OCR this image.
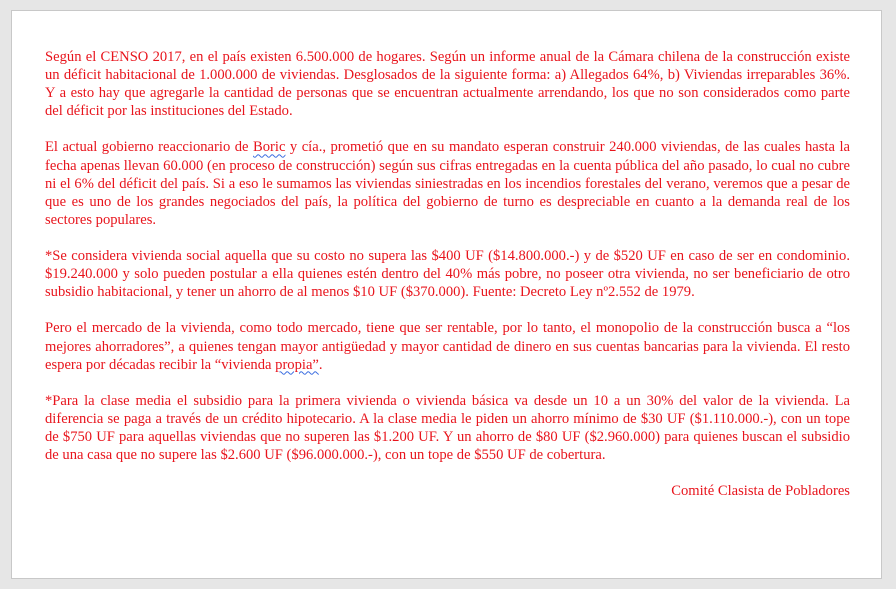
Según el CENSO 2017, en el país existen 6.500.000 de hogares. Según un informe anual de la Cámara chilena de la construcción existe un déficit habitacional de 1.000.000 de viviendas. Desglosados de la siguiente forma: a) Allegados 64%, b) Viviendas irreparables 36%. Y a esto hay que agregarle la cantidad de personas que se encuentran actualmente arrendando, los que no son considerados como parte del déficit por las instituciones del Estado.

El actual gobierno reaccionario de Boric y cía., prometió que en su mandato esperan construir 240.000 viviendas, de las cuales hasta la fecha apenas llevan 60.000 (en proceso de construcción) según sus cifras entregadas en la cuenta pública del año pasado, lo cual no cubre ni el 6% del déficit del país. Si a eso le sumamos las viviendas siniestradas en los incendios forestales del verano, veremos que a pesar de que es uno de los grandes negociados del país, la política del gobierno de turno es despreciable en cuanto a la demanda real de los sectores populares.

*Se considera vivienda social aquella que su costo no supera las $400 UF ($14.800.000.-) y de $520 UF en caso de ser en condominio. $19.240.000 y solo pueden postular a ella quienes estén dentro del 40% más pobre, no poseer otra vivienda, no ser beneficiario de otro subsidio habitacional, y tener un ahorro de al menos $10 UF ($370.000). Fuente: Decreto Ley nº2.552 de 1979.

Pero el mercado de la vivienda, como todo mercado, tiene que ser rentable, por lo tanto, el monopolio de la construcción busca a “los mejores ahorradores”, a quienes tengan mayor antigüedad y mayor cantidad de dinero en sus cuentas bancarias para la vivienda. El resto espera por décadas recibir la “vivienda propia”.

*Para la clase media el subsidio para la primera vivienda o vivienda básica va desde un 10 a un 30% del valor de la vivienda. La diferencia se paga a través de un crédito hipotecario. A la clase media le piden un ahorro mínimo de $30 UF ($1.110.000.-), con un tope de $750 UF para aquellas viviendas que no superen las $1.200 UF. Y un ahorro de $80 UF ($2.960.000) para quienes buscan el subsidio de una casa que no supere las $2.600 UF ($96.000.000.-), con un tope de $550 UF de cobertura.

Comité Clasista de Pobladores
